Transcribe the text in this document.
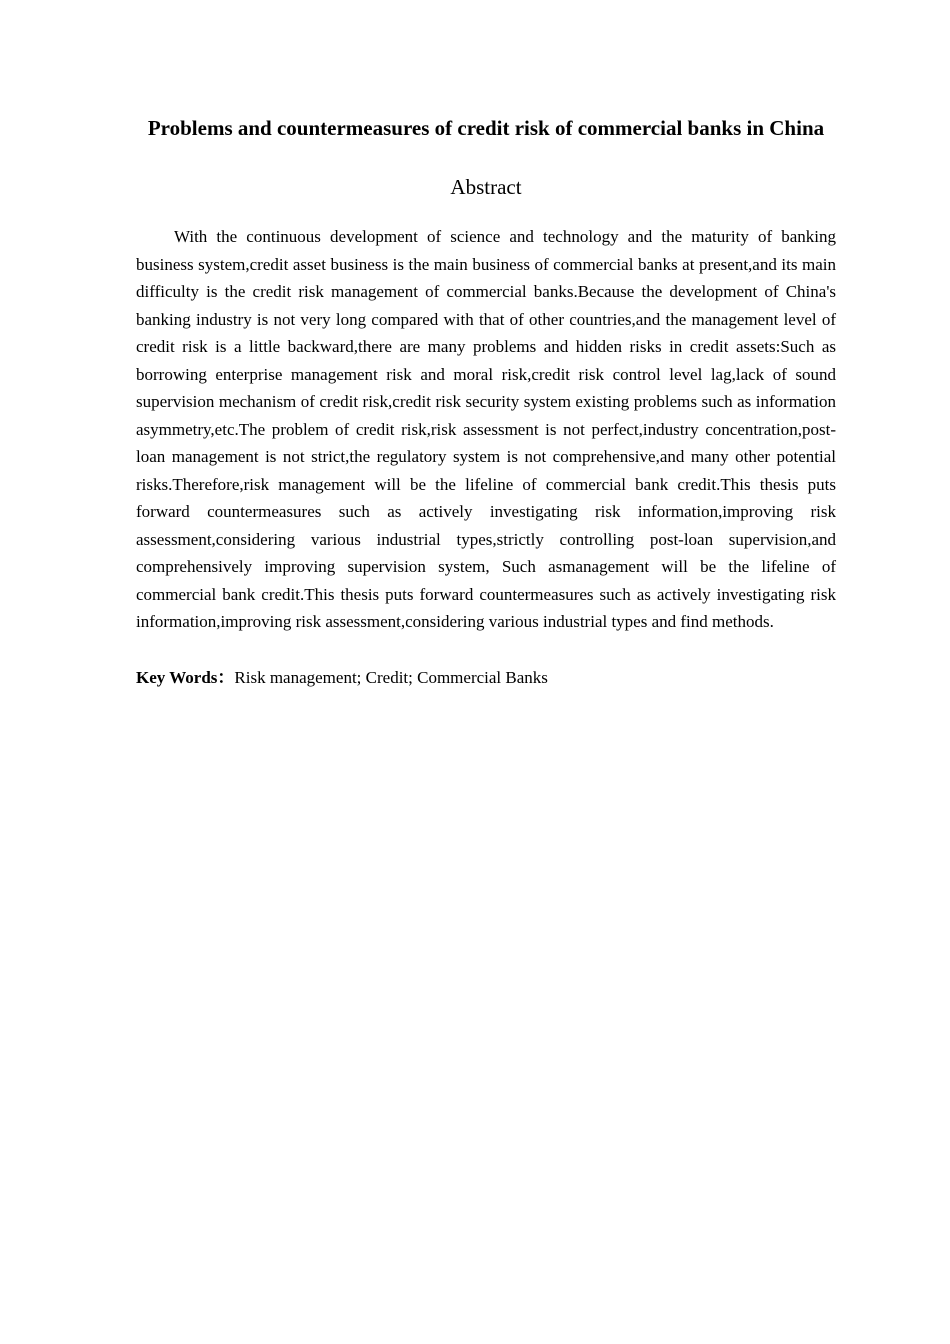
Problems and countermeasures of credit risk of commercial banks in China
Abstract

With the continuous development of science and technology and the maturity of banking business system,credit asset business is the main business of commercial banks at present,and its main difficulty is the credit risk management of commercial banks.Because the development of China's banking industry is not very long compared with that of other countries,and the management level of credit risk is a little backward,there are many problems and hidden risks in credit assets:Such as borrowing enterprise management risk and moral risk,credit risk control level lag,lack of sound supervision mechanism of credit risk,credit risk security system existing problems such as information asymmetry,etc.The problem of credit risk,risk assessment is not perfect,industry concentration,post-loan management is not strict,the regulatory system is not comprehensive,and many other potential risks.Therefore,risk management will be the lifeline of commercial bank credit.This thesis puts forward countermeasures such as actively investigating risk information,improving risk assessment,considering various industrial types,strictly controlling post-loan supervision,and comprehensively improving supervision system, Such asmanagement will be the lifeline of commercial bank credit.This thesis puts forward countermeasures such as actively investigating risk information,improving risk assessment,considering various industrial types and find methods.

Key Words：Risk management; Credit; Commercial Banks
